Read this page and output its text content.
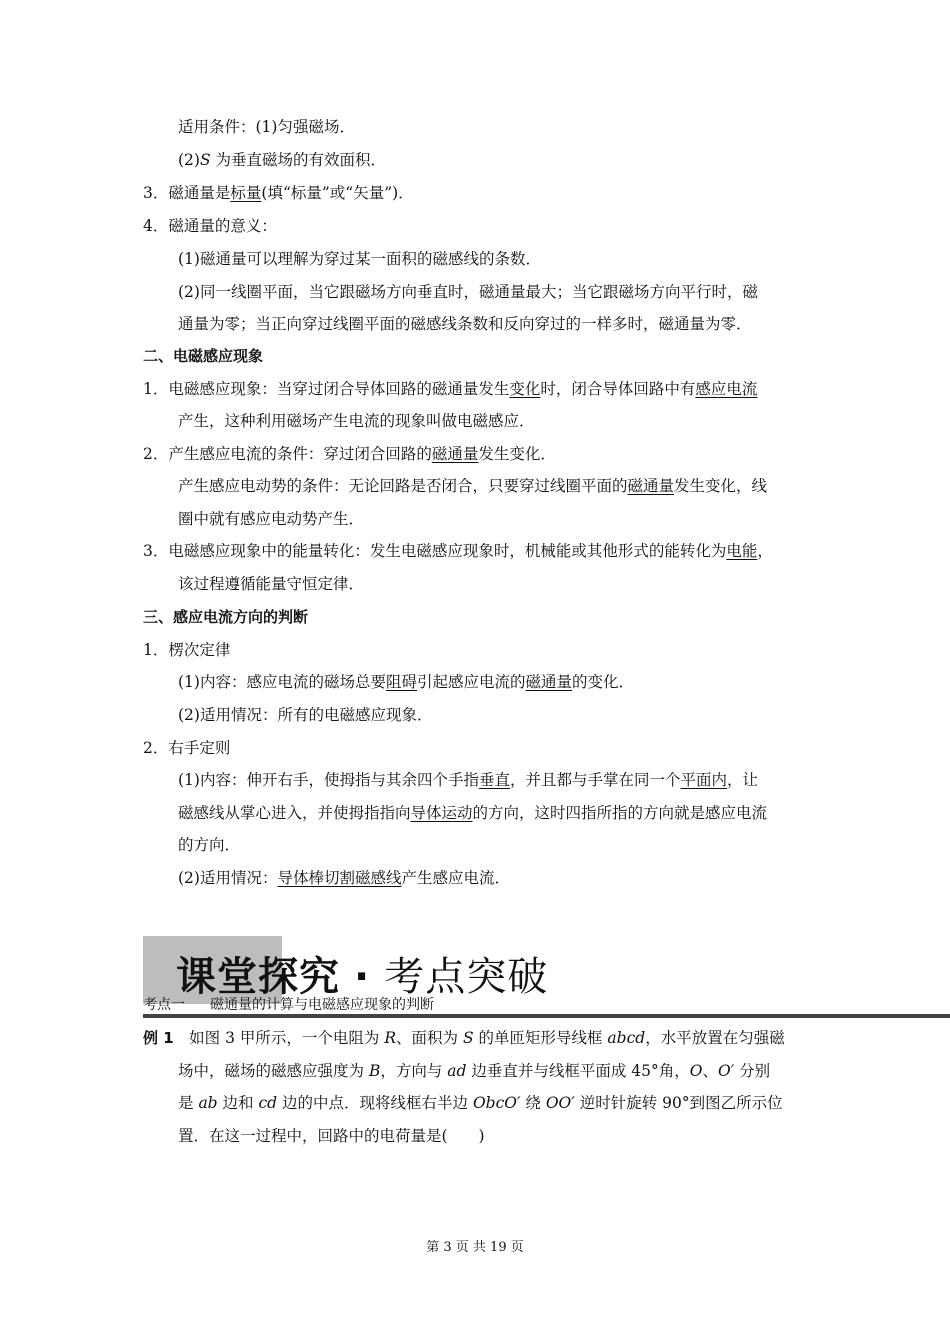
适用条件：(1)匀强磁场．
(2)S 为垂直磁场的有效面积．
3．磁通量是标量(填“标量”或“矢量”)．
4．磁通量的意义：
(1)磁通量可以理解为穿过某一面积的磁感线的条数．
(2)同一线圈平面，当它跟磁场方向垂直时，磁通量最大；当它跟磁场方向平行时，磁
通量为零；当正向穿过线圈平面的磁感线条数和反向穿过的一样多时，磁通量为零．
二、电磁感应现象
1．电磁感应现象：当穿过闭合导体回路的磁通量发生变化时，闭合导体回路中有感应电流
产生，这种利用磁场产生电流的现象叫做电磁感应．
2．产生感应电流的条件：穿过闭合回路的磁通量发生变化．
产生感应电动势的条件：无论回路是否闭合，只要穿过线圈平面的磁通量发生变化，线
圈中就有感应电动势产生．
3．电磁感应现象中的能量转化：发生电磁感应现象时，机械能或其他形式的能转化为电能，
该过程遵循能量守恒定律．
三、感应电流方向的判断
1．楞次定律
(1)内容：感应电流的磁场总要阻碍引起感应电流的磁通量的变化．
(2)适用情况：所有的电磁感应现象．
2．右手定则
(1)内容：伸开右手，使拇指与其余四个手指垂直，并且都与手掌在同一个平面内，让
磁感线从掌心进入，并使拇指指向导体运动的方向，这时四指所指的方向就是感应电流
的方向．
(2)适用情况：导体棒切割磁感线产生感应电流．
课堂探究 · 考点突破
考点一 磁通量的计算与电磁感应现象的判断
例 1　如图 3 甲所示，一个电阻为 R、面积为 S 的单匝矩形导线框 abcd，水平放置在匀强磁
场中，磁场的磁感应强度为 B，方向与 ad 边垂直并与线框平面成 45°角，O、O′ 分别
是 ab 边和 cd 边的中点．现将线框右半边 ObcO′ 绕 OO′ 逆时针旋转 90°到图乙所示位
置．在这一过程中，回路中的电荷量是(　　)
第 3 页 共 19 页
